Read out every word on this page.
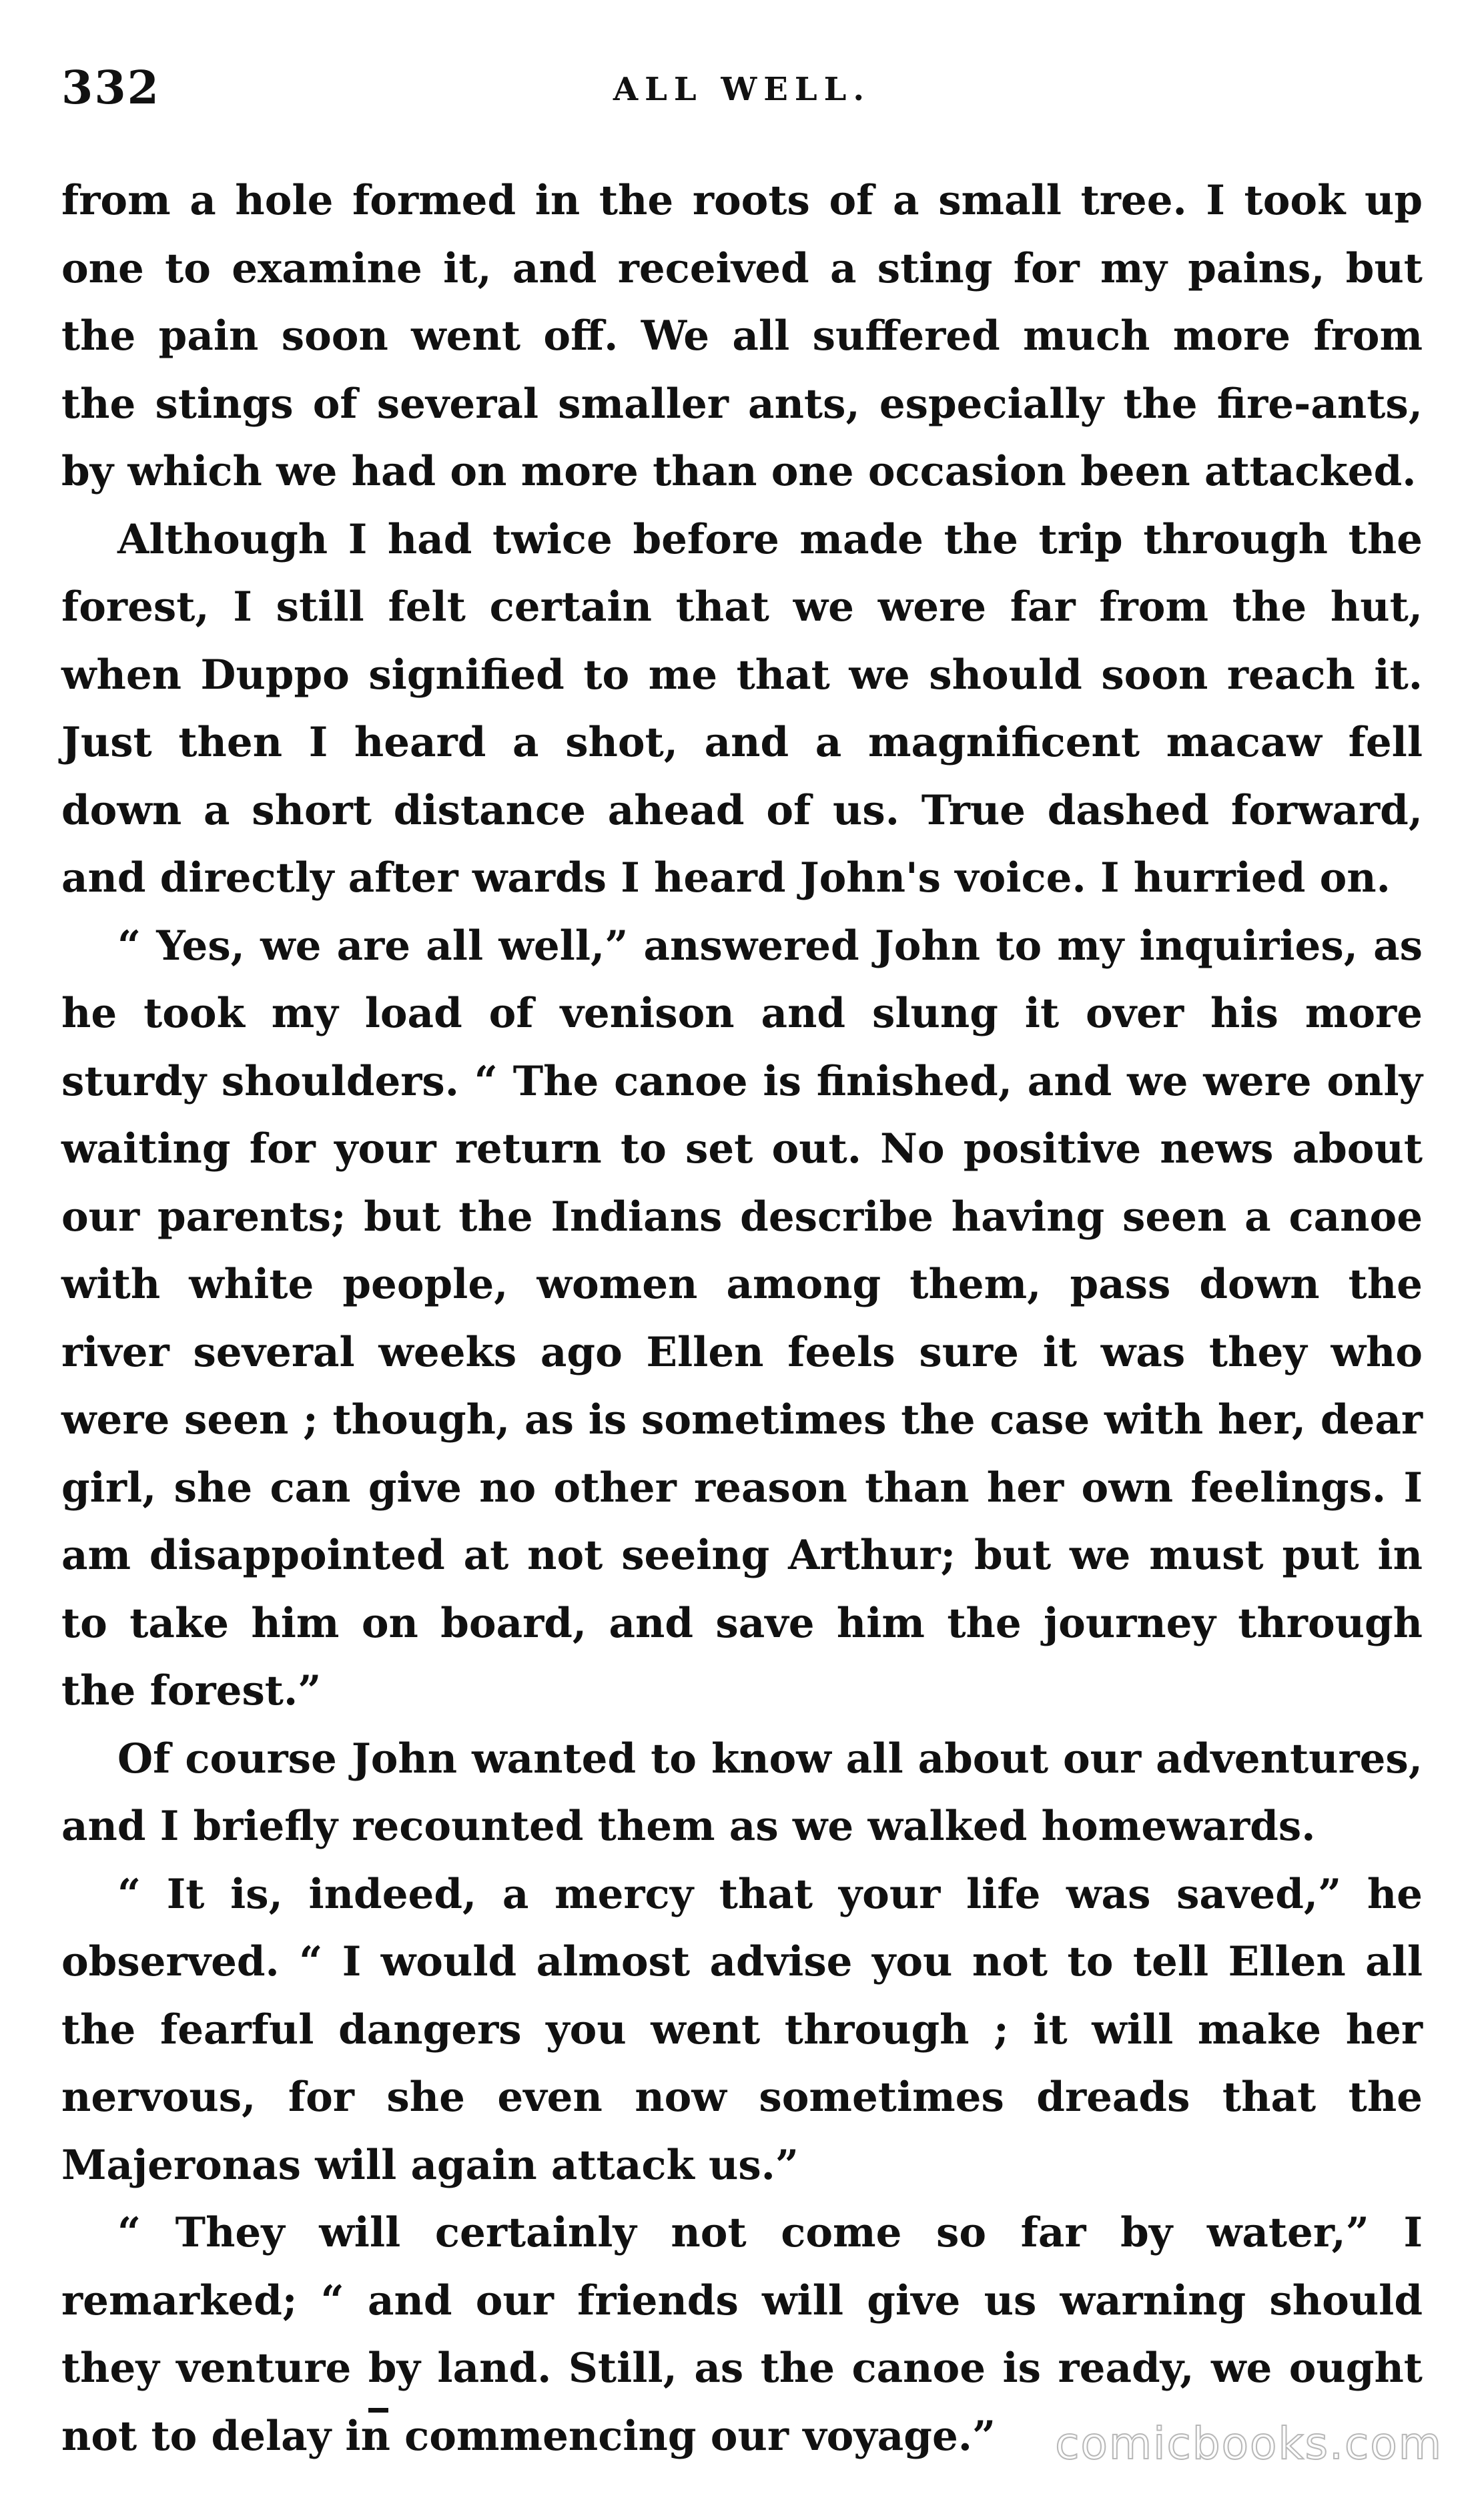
332	ALL WELL.

from a hole formed in the roots of a small tree. I took up one to examine it, and received a sting for my pains, but the pain soon went off. We all suffered much more from the stings of several smaller ants, especially the fire-ants, by which we had on more than one occasion been attacked.

Although I had twice before made the trip through the forest, I still felt certain that we were far from the hut, when Duppo signified to me that we should soon reach it. Just then I heard a shot, and a magnificent macaw fell down a short distance ahead of us. True dashed forward, and directly after wards I heard John's voice. I hurried on.

“ Yes, we are all well,” answered John to my inquiries, as he took my load of venison and slung it over his more sturdy shoulders. “ The canoe is finished, and we were only waiting for your return to set out. No positive news about our parents; but the Indians describe having seen a canoe with white people, women among them, pass down the river several weeks ago Ellen feels sure it was they who were seen ; though, as is sometimes the case with her, dear girl, she can give no other reason than her own feelings. I am disappointed at not seeing Arthur; but we must put in to take him on board, and save him the journey through the forest.”

Of course John wanted to know all about our adventures, and I briefly recounted them as we walked homewards.

“ It is, indeed, a mercy that your life was saved,” he observed. “ I would almost advise you not to tell Ellen all the fearful dangers you went through ; it will make her nervous, for she even now sometimes dreads that the Majeronas will again attack us.”

“ They will certainly not come so far by water,” I remarked; “ and our friends will give us warning should they venture by land. Still, as the canoe is ready, we ought not to delay in commencing our voyage.”	comicbooks.com
